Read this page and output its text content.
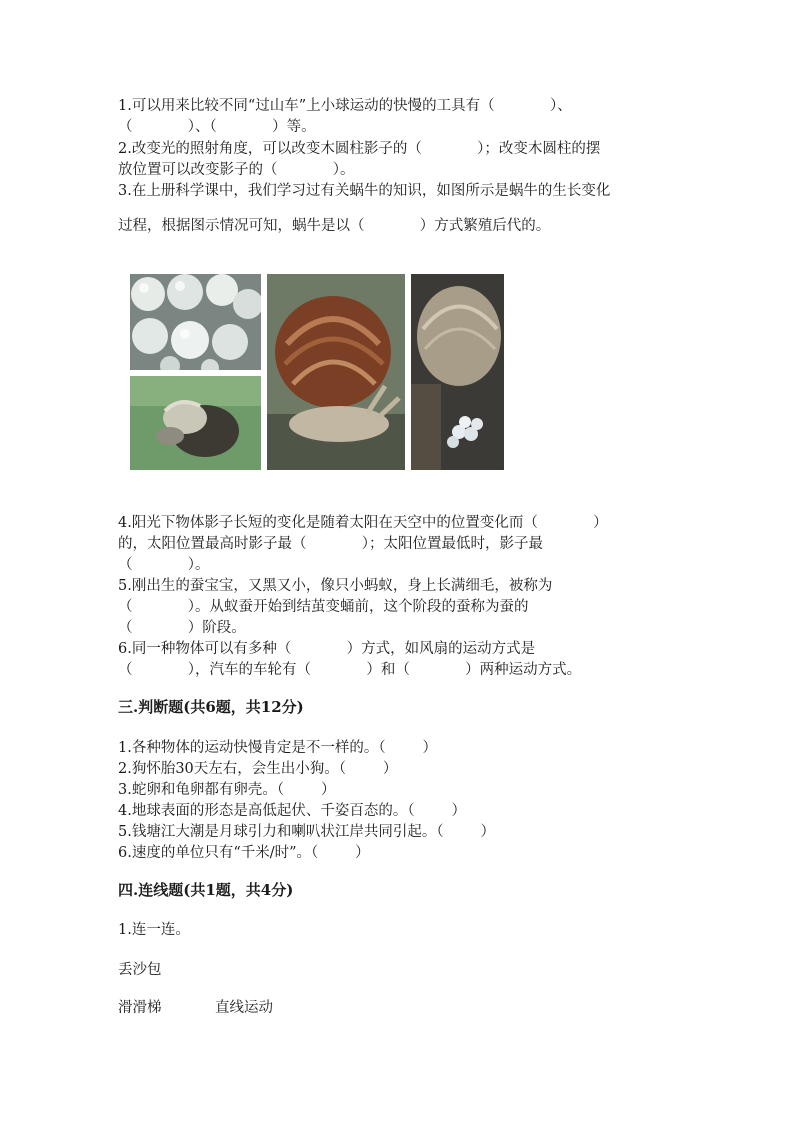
1.可以用来比较不同“过山车”上小球运动的快慢的工具有（            ）、
（            ）、（            ）等。
2.改变光的照射角度，可以改变木圆柱影子的（            ）；改变木圆柱的摆
放位置可以改变影子的（            ）。
3.在上册科学课中，我们学习过有关蜗牛的知识，如图所示是蜗牛的生长变化
过程，根据图示情况可知，蜗牛是以（            ）方式繁殖后代的。
4.阳光下物体影子长短的变化是随着太阳在天空中的位置变化而（            ）
的，太阳位置最高时影子最（            ）；太阳位置最低时，影子最
（            ）。
5.刚出生的蚕宝宝，又黑又小，像只小蚂蚁，身上长满细毛，被称为
（            ）。从蚁蚕开始到结茧变蛹前，这个阶段的蚕称为蚕的
（            ）阶段。
6.同一种物体可以有多种（            ）方式，如风扇的运动方式是
（            ），汽车的车轮有（            ）和（            ）两种运动方式。
三.判断题(共6题，共12分)
1.各种物体的运动快慢肯定是不一样的。（        ）
2.狗怀胎30天左右，会生出小狗。（        ）
3.蛇卵和龟卵都有卵壳。（        ）
4.地球表面的形态是高低起伏、千姿百态的。（        ）
5.钱塘江大潮是月球引力和喇叭状江岸共同引起。（        ）
6.速度的单位只有“千米/时”。（        ）
四.连线题(共1题，共4分)
1.连一连。
丢沙包
滑滑梯	直线运动
